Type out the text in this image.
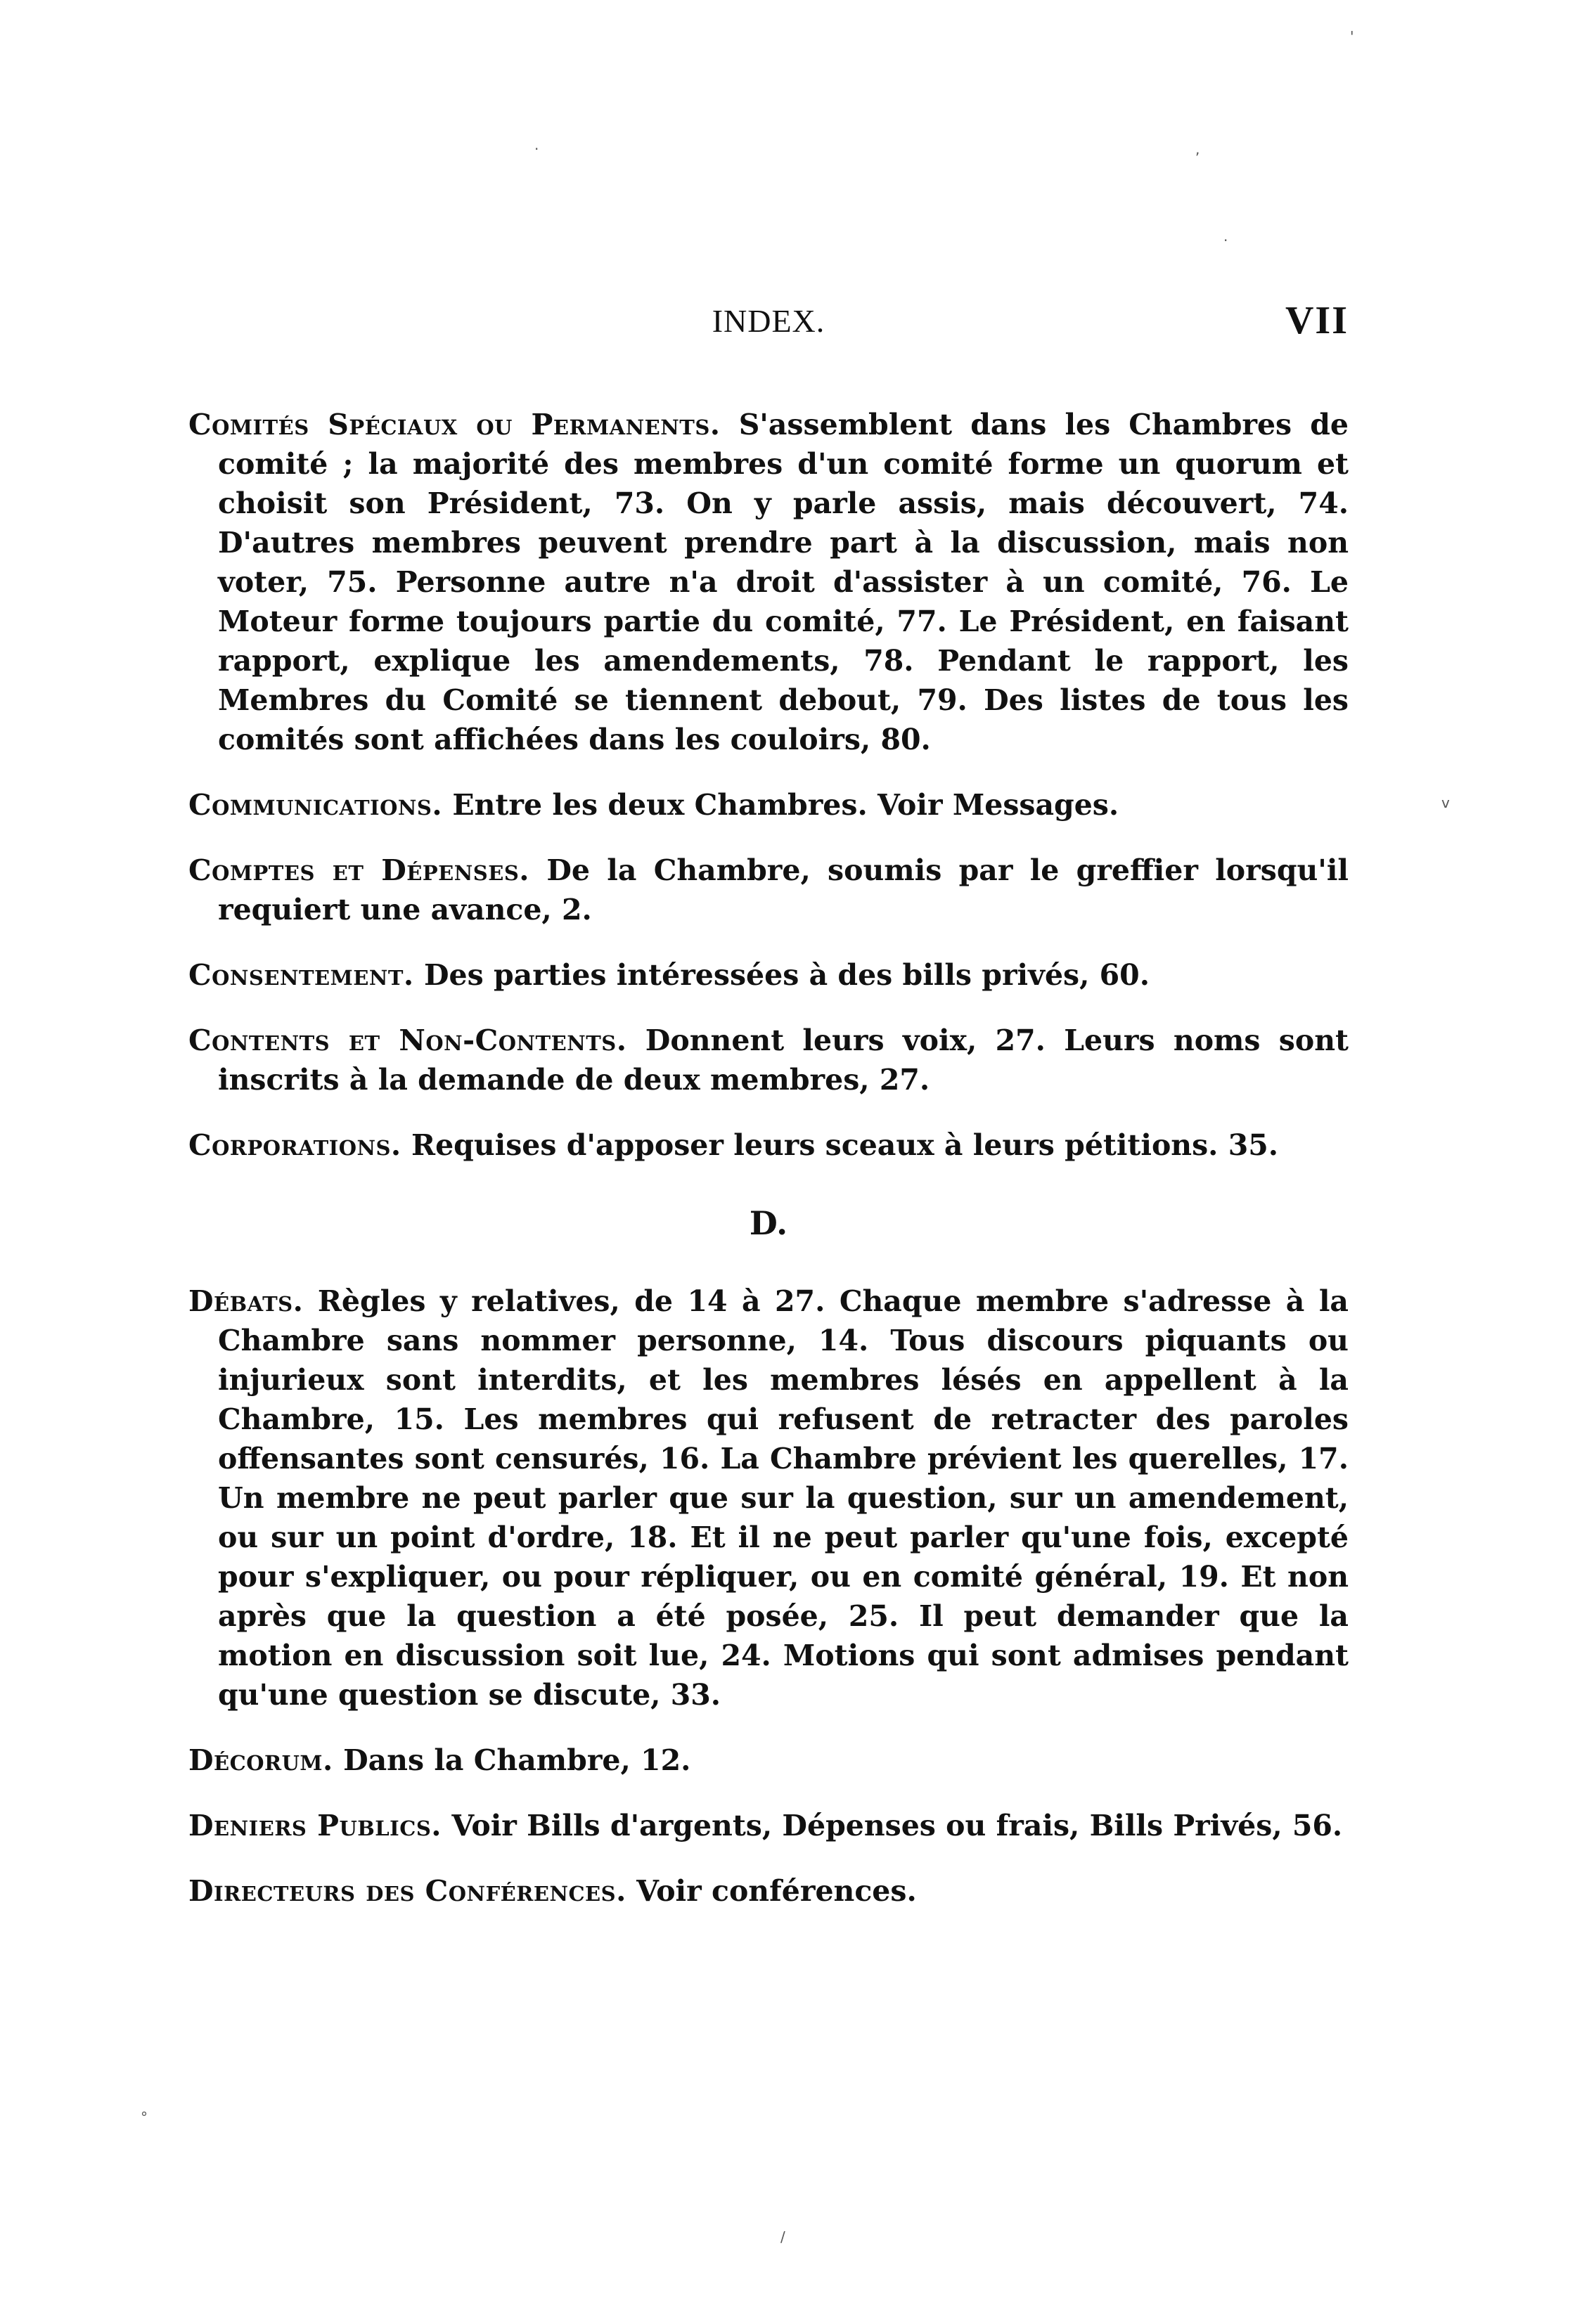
INDEX.	VII

Comités Spéciaux ou Permanents. S'assemblent dans les Chambres de comité ; la majorité des membres d'un comité forme un quorum et choisit son Président, 73. On y parle assis, mais découvert, 74. D'autres membres peuvent prendre part à la discussion, mais non voter, 75. Personne autre n'a droit d'assister à un comité, 76. Le Moteur forme toujours partie du comité, 77. Le Président, en faisant rapport, explique les amendements, 78. Pendant le rapport, les Membres du Comité se tiennent debout, 79. Des listes de tous les comités sont affichées dans les couloirs, 80.

Communications. Entre les deux Chambres. Voir Messages.

Comptes et Dépenses. De la Chambre, soumis par le greffier lorsqu'il requiert une avance, 2.

Consentement. Des parties intéressées à des bills privés, 60.

Contents et Non-Contents. Donnent leurs voix, 27. Leurs noms sont inscrits à la demande de deux membres, 27.

Corporations. Requises d'apposer leurs sceaux à leurs pétitions. 35.

D.

Débats. Règles y relatives, de 14 à 27. Chaque membre s'adresse à la Chambre sans nommer personne, 14. Tous discours piquants ou injurieux sont interdits, et les membres lésés en appellent à la Chambre, 15. Les membres qui refusent de retracter des paroles offensantes sont censurés, 16. La Chambre prévient les querelles, 17. Un membre ne peut parler que sur la question, sur un amendement, ou sur un point d'ordre, 18. Et il ne peut parler qu'une fois, excepté pour s'expliquer, ou pour répliquer, ou en comité général, 19. Et non après que la question a été posée, 25. Il peut demander que la motion en discussion soit lue, 24. Motions qui sont admises pendant qu'une question se discute, 33.

Décorum. Dans la Chambre, 12.

Deniers Publics. Voir Bills d'argents, Dépenses ou frais, Bills Privés, 56.

Directeurs des Conférences. Voir conférences.

'
,
·
·
v
°
/
